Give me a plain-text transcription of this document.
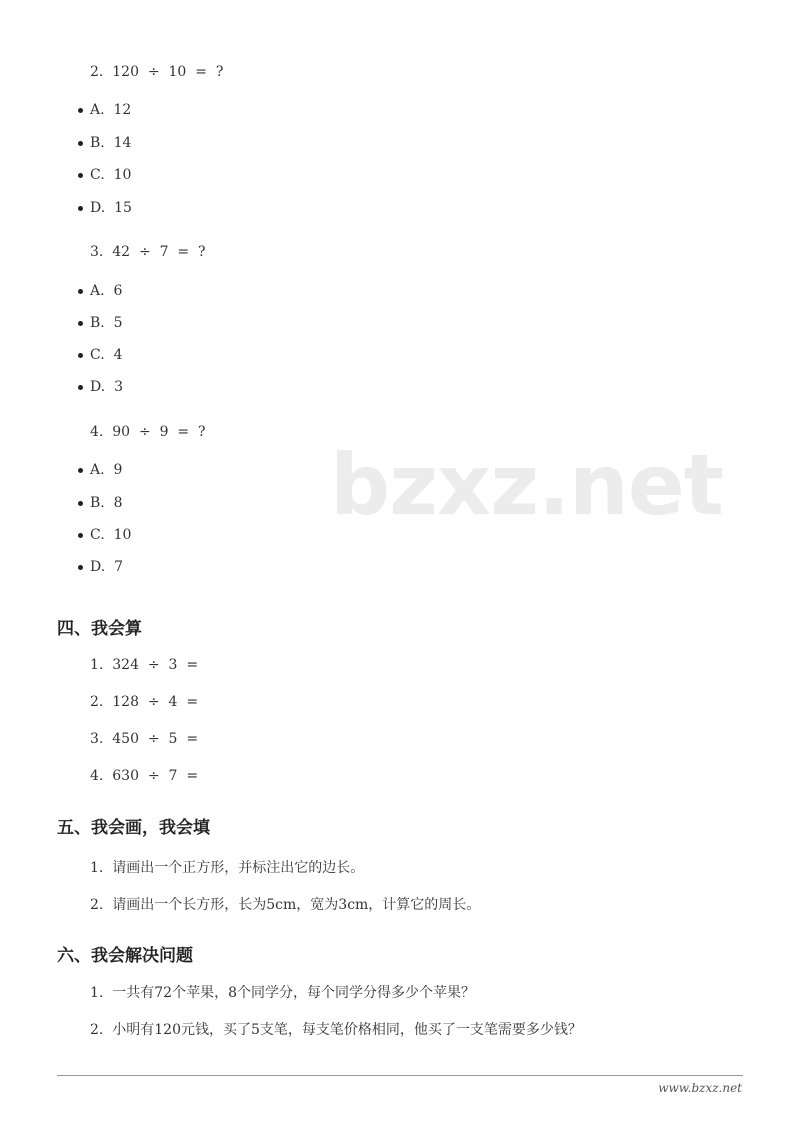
bzxz.net
2.  120  ÷  10  =  ?
A.  12
B.  14
C.  10
D.  15
3.  42  ÷  7  =  ?
A.  6
B.  5
C.  4
D.  3
4.  90  ÷  9  =  ?
A.  9
B.  8
C.  10
D.  7
四、我会算
1.  324  ÷  3  =
2.  128  ÷  4  =
3.  450  ÷  5  =
4.  630  ÷  7  =
五、我会画，我会填
1.  请画出一个正方形，并标注出它的边长。
2.  请画出一个长方形，长为5cm，宽为3cm，计算它的周长。
六、我会解决问题
1.  一共有72个苹果，8个同学分，每个同学分得多少个苹果？
2.  小明有120元钱，买了5支笔，每支笔价格相同，他买了一支笔需要多少钱？
www.bzxz.net
